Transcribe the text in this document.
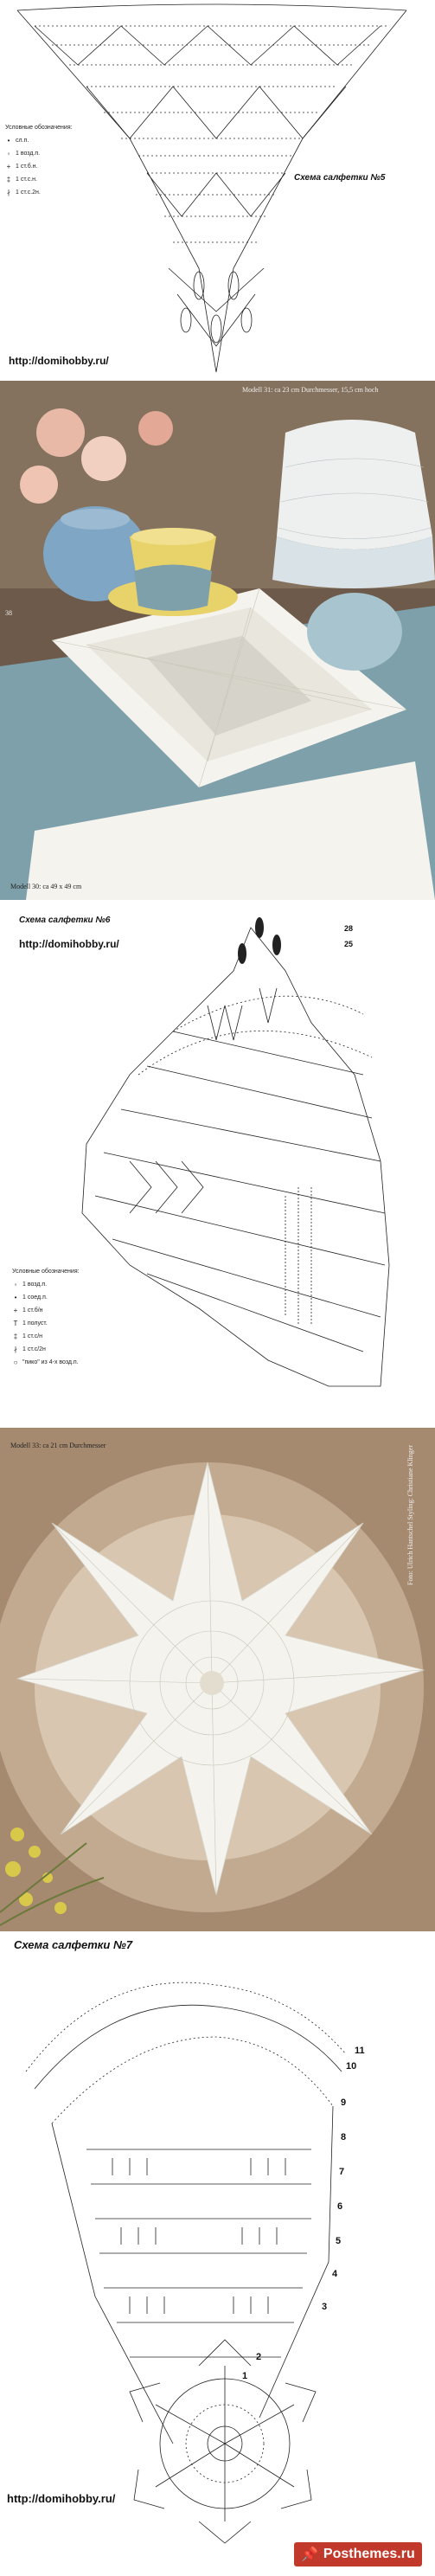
Условные обозначения:
• сл.п.
◦ 1 возд.п.
+ 1 ст.б.н.
‡ 1 ст.с.н.
∤ 1 ст.с.2н.
Схема салфетки №5
http://domihobby.ru/
Modell 31: ca 23 cm Durchmesser, 15,5 cm hoch
Modell 30: ca 49 x 49 cm
38
Схема салфетки №6
http://domihobby.ru/
28
25
Условные обозначения:
◦ 1 возд.п.
• 1 соед.п.
+ 1 ст.б/н
T 1 полуст.
‡ 1 ст.с/н
∤ 1 ст.с/2н
○ "пико" из 4-х возд.п.
Modell 33: ca 21 cm Durchmesser	Foto: Ulrich Hantschel Styling: Christiane Klinger
Схема салфетки №7
11
10
9
8
7
6
5
4
3
2
1
http://domihobby.ru/
📌 Posthemes.ru
